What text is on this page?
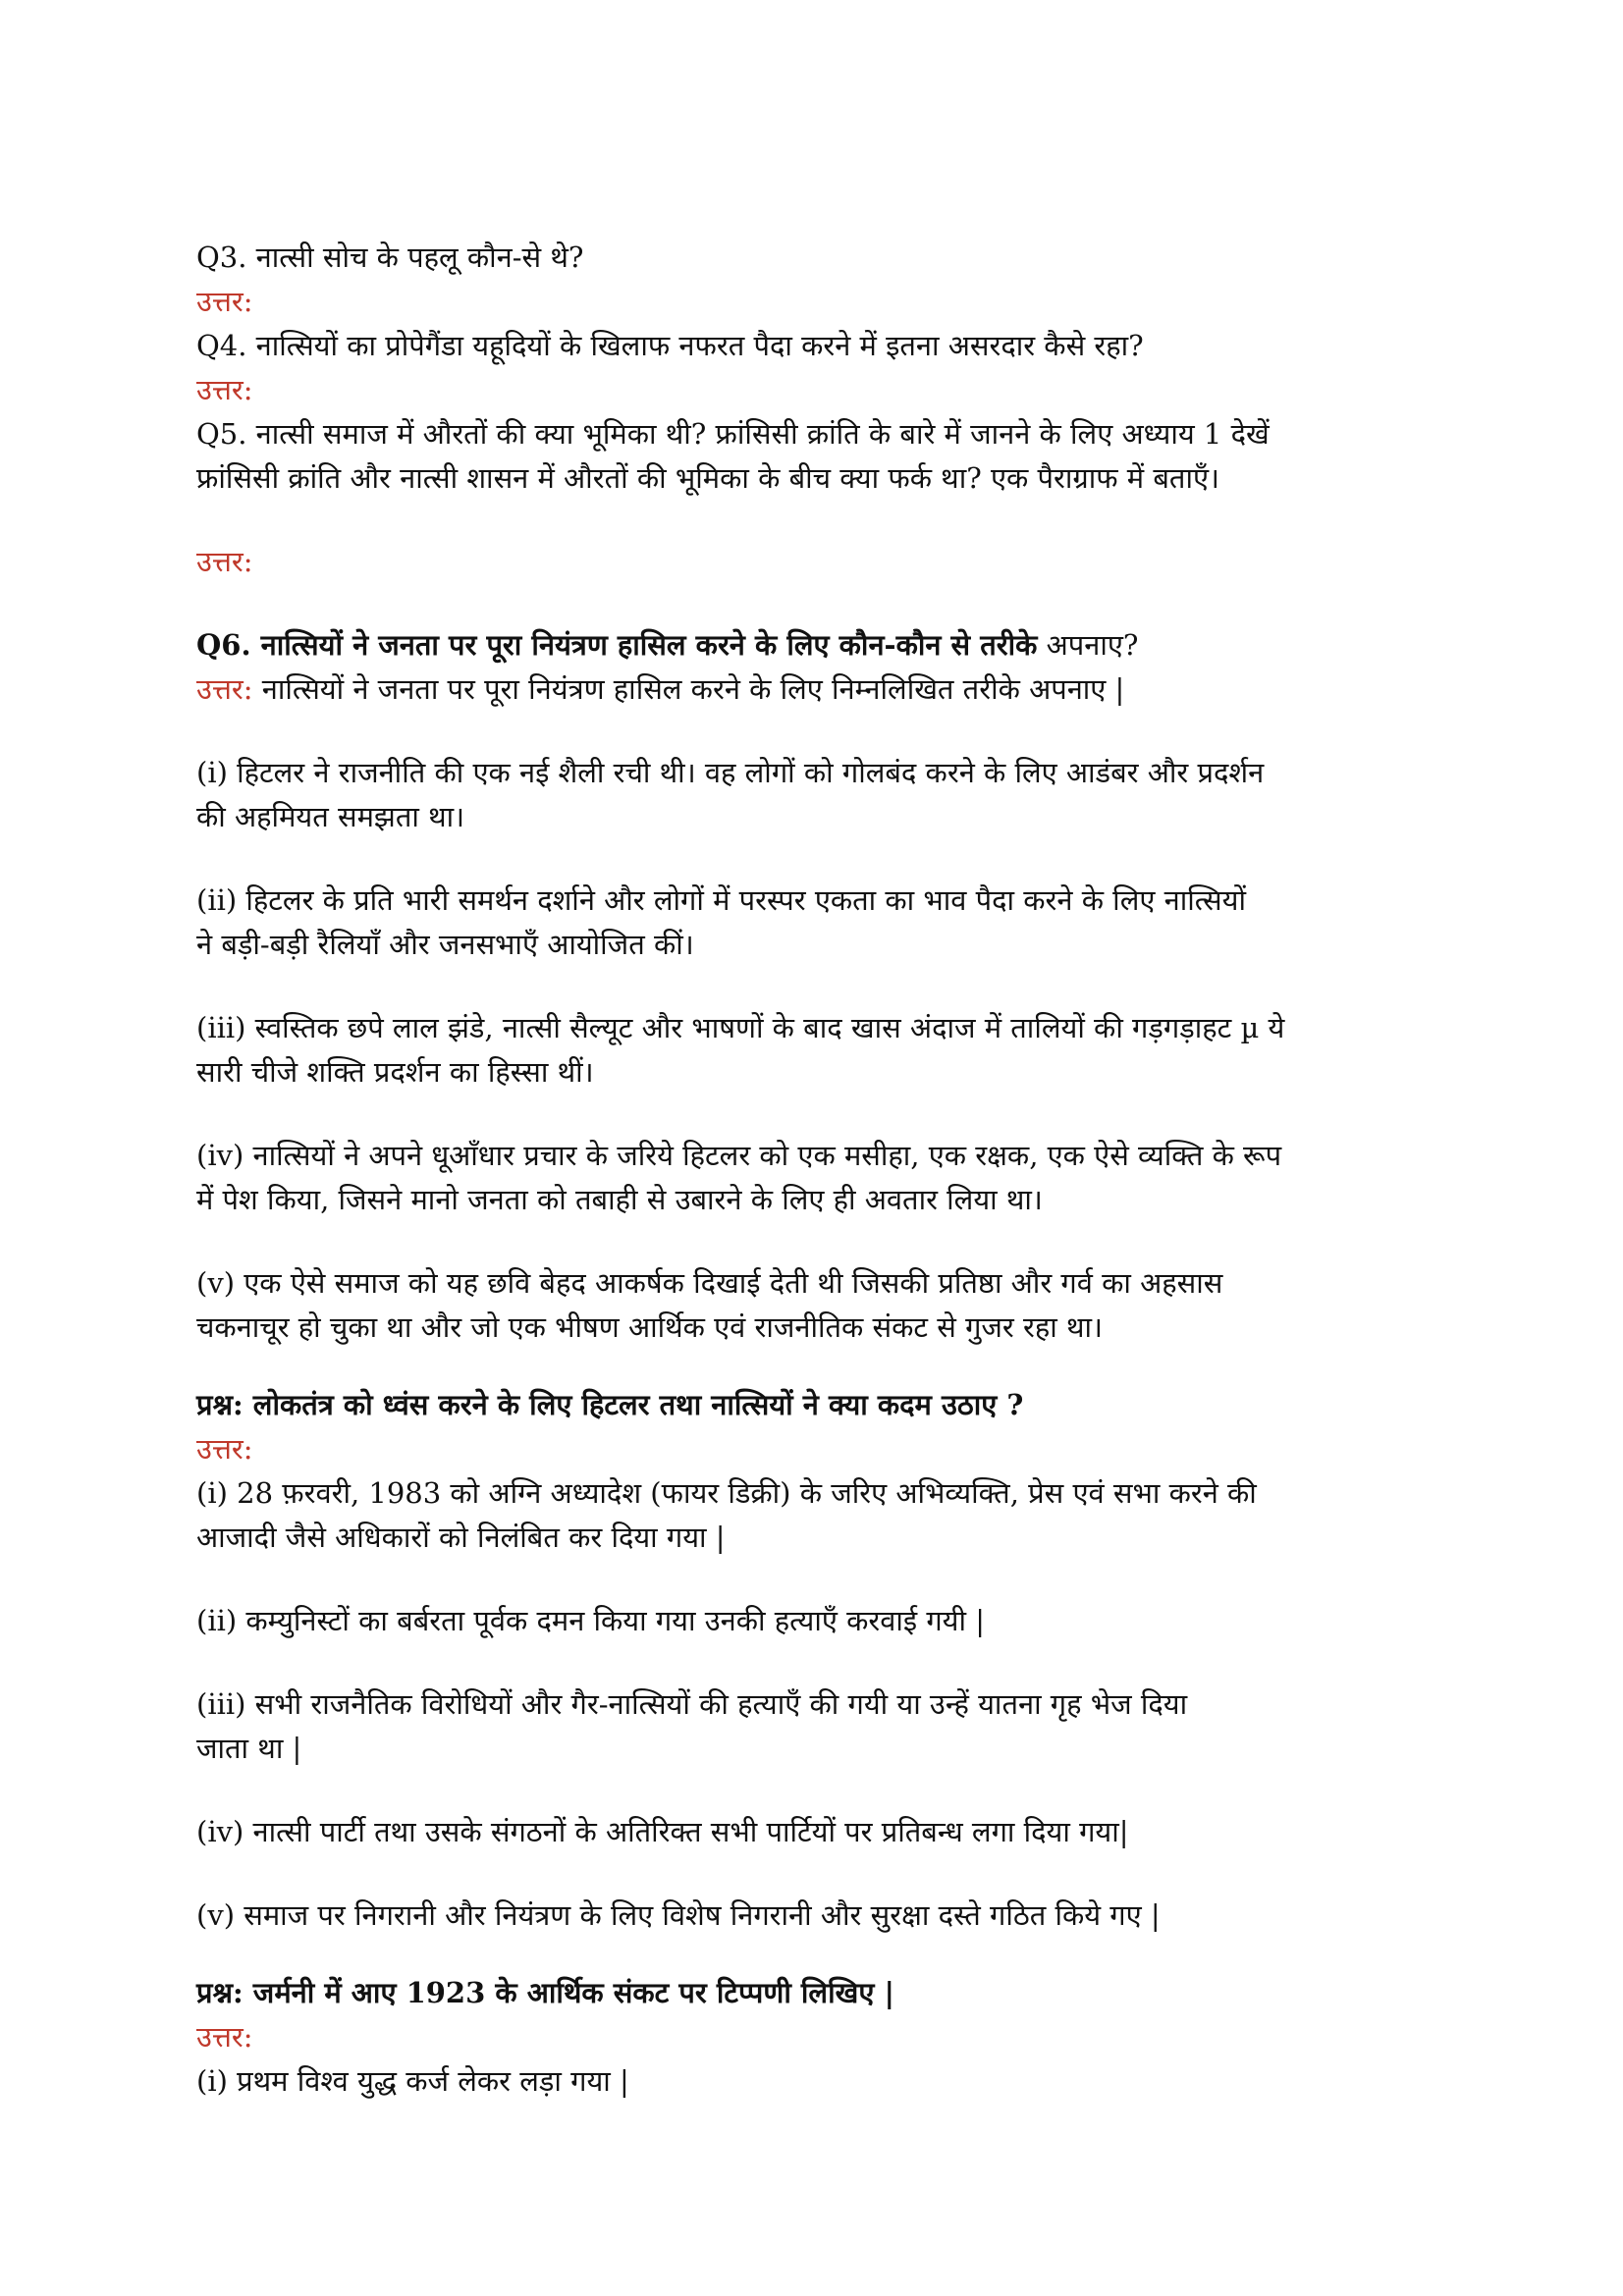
Q3. नात्सी सोच के पहलू कौन-से थे?

उत्तर:

Q4. नात्सियों का प्रोपेगैंडा यहूदियों के खिलाफ नफरत पैदा करने में इतना असरदार कैसे रहा?

उत्तर:

Q5. नात्सी समाज में औरतों की क्या भूमिका थी? फ्रांसिसी क्रांति के बारे में जानने के लिए अध्याय 1 देखें

फ्रांसिसी क्रांति और नात्सी शासन में औरतों की भूमिका के बीच क्या फर्क था? एक पैराग्राफ में बताएँ।

उत्तर:

Q6. नात्सियों ने जनता पर पूरा नियंत्रण हासिल करने के लिए कौन-कौन से तरीके अपनाए?

उत्तर: नात्सियों ने जनता पर पूरा नियंत्रण हासिल करने के लिए निम्नलिखित तरीके अपनाए |

(i) हिटलर ने राजनीति की एक नई शैली रची थी। वह लोगों को गोलबंद करने के लिए आडंबर और प्रदर्शन

की अहमियत समझता था।

(ii) हिटलर के प्रति भारी समर्थन दर्शाने और लोगों में परस्पर एकता का भाव पैदा करने के लिए नात्सियों

ने बड़ी-बड़ी रैलियाँ और जनसभाएँ आयोजित कीं।

(iii) स्वस्तिक छपे लाल झंडे, नात्सी सैल्यूट और भाषणों के बाद खास अंदाज में तालियों की गड़गड़ाहट µ ये

सारी चीजे शक्ति प्रदर्शन का हिस्सा थीं।

(iv) नात्सियों ने अपने धूआँधार प्रचार के जरिये हिटलर को एक मसीहा, एक रक्षक, एक ऐसे व्यक्ति के रूप

में पेश किया, जिसने मानो जनता को तबाही से उबारने के लिए ही अवतार लिया था।

(v) एक ऐसे समाज को यह छवि बेहद आकर्षक दिखाई देती थी जिसकी प्रतिष्ठा और गर्व का अहसास

चकनाचूर हो चुका था और जो एक भीषण आर्थिक एवं राजनीतिक संकट से गुजर रहा था।

प्रश्न: लोकतंत्र को ध्वंस करने के लिए हिटलर तथा नात्सियों ने क्या कदम उठाए ?

उत्तर:

(i) 28 फ़रवरी, 1983 को अग्नि अध्यादेश (फायर डिक्री) के जरिए अभिव्यक्ति, प्रेस एवं सभा करने की

आजादी जैसे अधिकारों को निलंबित कर दिया गया |

(ii) कम्युनिस्टों का बर्बरता पूर्वक दमन किया गया उनकी हत्याएँ करवाई गयी |

(iii) सभी राजनैतिक विरोधियों और गैर-नात्सियों की हत्याएँ की गयी या उन्हें यातना गृह भेज दिया

जाता था |

(iv) नात्सी पार्टी तथा उसके संगठनों के अतिरिक्त सभी पार्टियों पर प्रतिबन्ध लगा दिया गया|

(v) समाज पर निगरानी और नियंत्रण के लिए विशेष निगरानी और सुरक्षा दस्ते गठित किये गए |

प्रश्न: जर्मनी में आए 1923 के आर्थिक संकट पर टिप्पणी लिखिए |

उत्तर:

(i) प्रथम विश्व युद्ध कर्ज लेकर लड़ा गया |
